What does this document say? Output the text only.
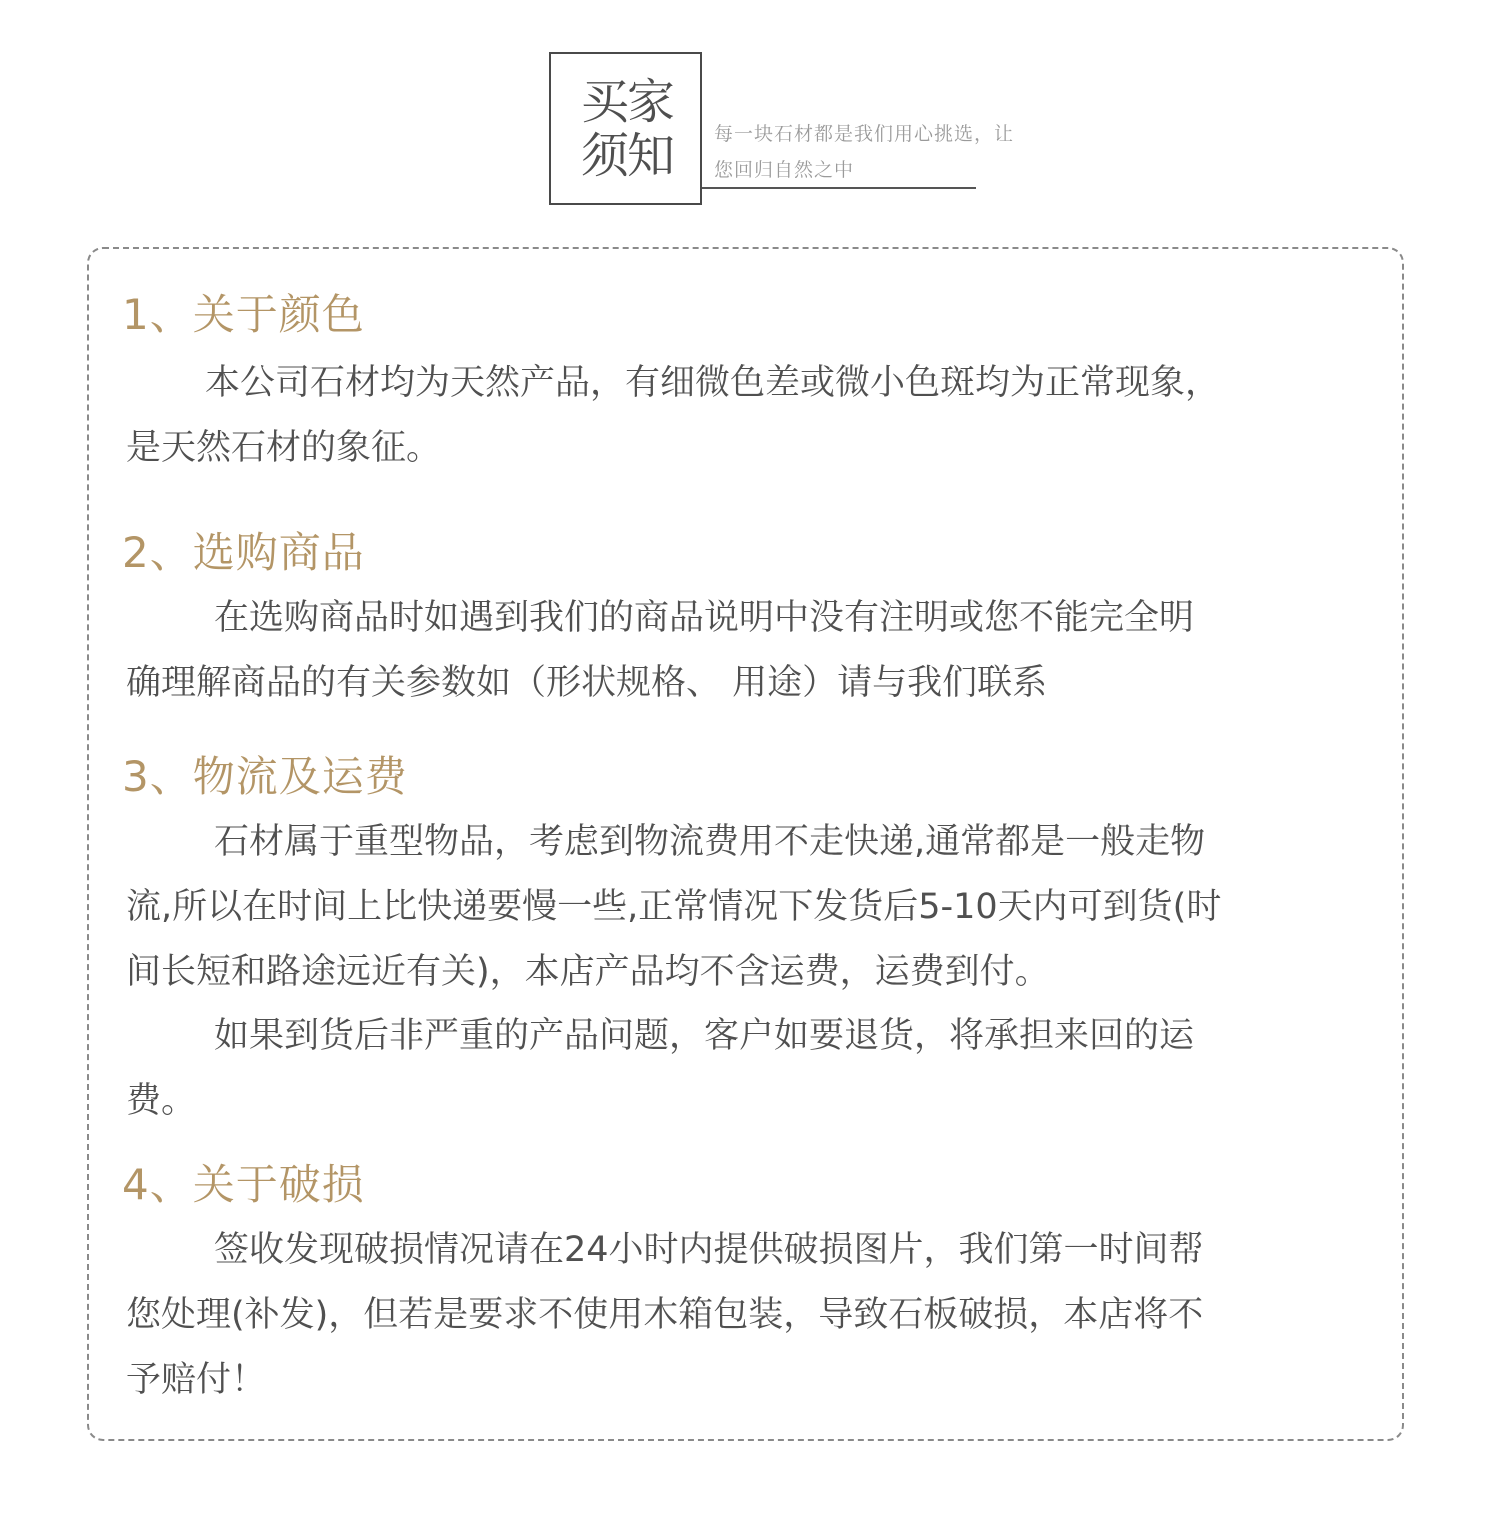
买家
须知	每一块石材都是我们用心挑选，让
您回归自然之中
1、关于颜色
本公司石材均为天然产品，有细微色差或微小色斑均为正常现象，
是天然石材的象征。
2、选购商品
在选购商品时如遇到我们的商品说明中没有注明或您不能完全明
确理解商品的有关参数如（形状规格、 用途）请与我们联系
3、物流及运费
石材属于重型物品，考虑到物流费用不走快递,通常都是一般走物
流,所以在时间上比快递要慢一些,正常情况下发货后5-10天内可到货(时
间长短和路途远近有关)，本店产品均不含运费，运费到付。
如果到货后非严重的产品问题，客户如要退货，将承担来回的运
费。
4、关于破损
签收发现破损情况请在24小时内提供破损图片，我们第一时间帮
您处理(补发)，但若是要求不使用木箱包装，导致石板破损，本店将不
予赔付！
